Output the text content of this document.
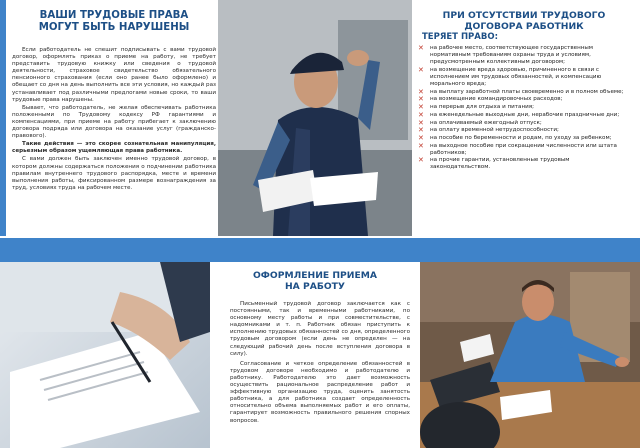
ВАШИ ТРУДОВЫЕ ПРАВА
МОГУТ БЫТЬ НАРУШЕНЫ

Если работодатель не спешит подписывать с вами трудовой договор, оформлять приказ о приеме на работу, не требует представить трудовую книжку или сведения о трудовой деятельности, страховое свидетельство обязательного пенсионного страхования (если оно ранее было оформлено) и обещает со дня на день выполнить все эти условия, но каждый раз устанавливает под различными предлогами новые сроки, то ваши трудовые права нарушены.

Бывает, что работодатель, не желая обеспечивать работника положенными по Трудовому кодексу РФ гарантиями и компенсациями, при приеме на работу прибегает к заключению договора подряда или договора на оказание услуг (гражданско-правового).

Такие действия — это скорее сознательная манипуляция, серьезным образом ущемляющая права работника.

С вами должен быть заключен именно трудовой договор, в котором должны содержаться положения о подчинении работника правилам внутреннего трудового распорядка, месте и времени выполнения работы, фиксированном размере вознаграждения за труд, условиях труда на рабочем месте.

ПРИ ОТСУТСТВИИ ТРУДОВОГО
ДОГОВОРА РАБОТНИК
ТЕРЯЕТ ПРАВО:
✕ на рабочее место, соответствующее государственным нормативным требованиям охраны труда и условиям, предусмотренным коллективным договором;
✕ на возмещение вреда здоровью, причиненного в связи с исполнением им трудовых обязанностей, и компенсацию морального вреда;
✕ на выплату заработной платы своевременно и в полном объеме;
✕ на возмещение командировочных расходов;
✕ на перерыв для отдыха и питания;
✕ на еженедельные выходные дни, нерабочие праздничные дни;
✕ на оплачиваемый ежегодный отпуск;
✕ на оплату временной нетрудоспособности;
✕ на пособие по беременности и родам, по уходу за ребенком;
✕ на выходное пособие при сокращении численности или штата работников;
✕ на прочие гарантии, установленные трудовым законодательством.
ОФОРМЛЕНИЕ ПРИЕМА
НА РАБОТУ

Письменный трудовой договор заключается как с постоянными, так и временными работниками, по основному месту работы и при совместительстве, с надомниками и т. п. Работник обязан приступить к исполнению трудовых обязанностей со дня, определенного трудовым договором (если день не определен — на следующий рабочий день после вступления договора в силу).

Согласование и четкое определение обязанностей в трудовом договоре необходимо и работодателю и работнику. Работодателю это дает возможность осуществить рациональное распределение работ и эффективную организацию труда, оценить занятость работника, а для работника создает определенность относительно объема выполняемых работ и его оплаты, гарантирует возможность правильного решения спорных вопросов.
